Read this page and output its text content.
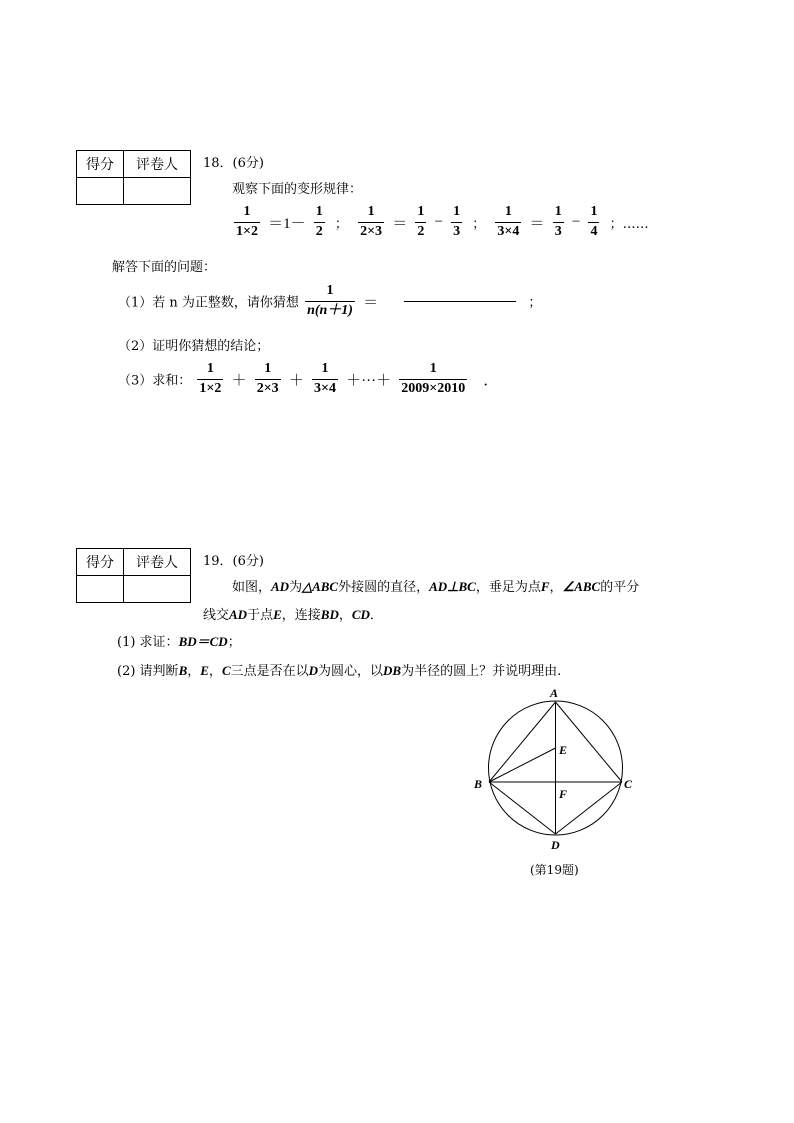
得分	评卷人
	18．(6分)
观察下面的变形规律：
$\frac{1}{1\times 2} =1- \frac{1}{2}$ ； $\frac{1}{2\times 3} = \frac{1}{2} - \frac{1}{3}$ ； $\frac{1}{3\times 4} = \frac{1}{3} - \frac{1}{4}$ ；……
解答下面的问题：
（1）若 n 为正整数，请你猜想 $\frac{1}{n(n+1)}$ ＝	；
（2）证明你猜想的结论；
（3）求和： $\frac{1}{1\times 2} + \frac{1}{2\times 3} + \frac{1}{3\times 4}$ ＋···＋ $\frac{1}{2009\times 2010}$ ．
得分	评卷人
	19．(6分)
如图，AD为△ABC外接圆的直径，AD⊥BC，垂足为点F，∠ABC的平分
线交AD于点E，连接BD，CD．
(1) 求证：BD＝CD；
(2) 请判断B，E，C三点是否在以D为圆心，以DB为半径的圆上？并说明理由.
A
B	C
D
E
F
(第19题)
